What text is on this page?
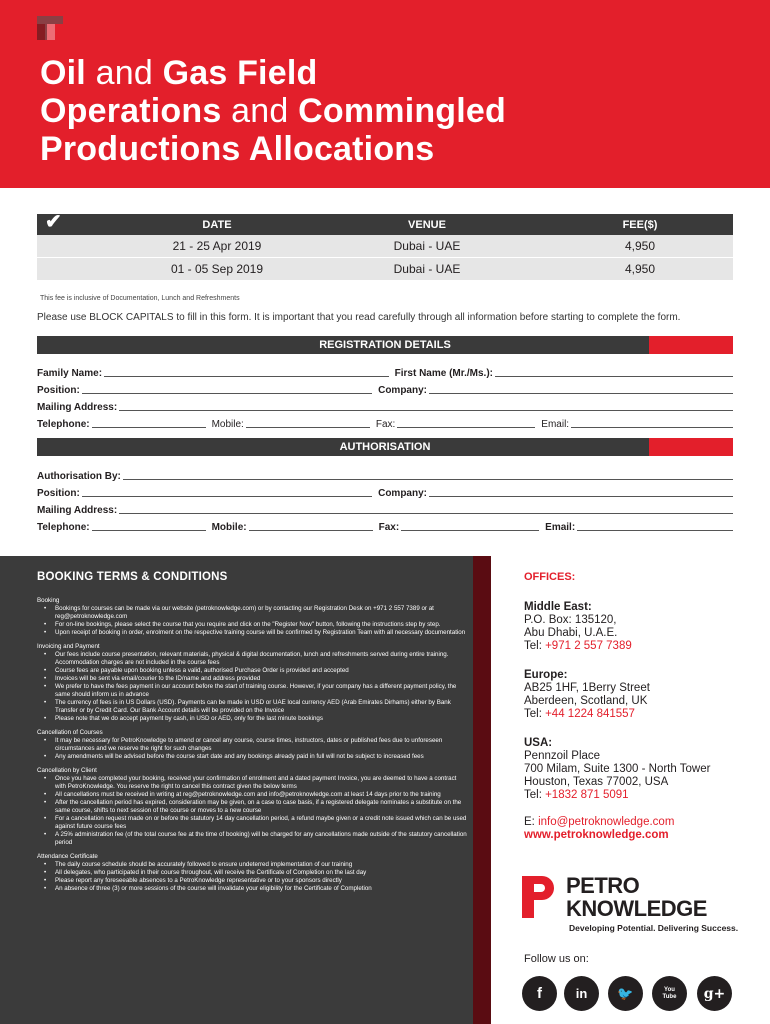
Oil and Gas Field
Operations and Commingled
Productions Allocations
✔	DATE	VENUE	FEE($)
21 - 25 Apr 2019	Dubai - UAE	4,950
01 - 05 Sep 2019	Dubai - UAE	4,950
This fee is inclusive of Documentation, Lunch and Refreshments
Please use BLOCK CAPITALS to fill in this form. It is important that you read carefully through all information before starting to complete the form.
REGISTRATION DETAILS
Family Name:	First Name (Mr./Ms.):
Position:	Company:
Mailing Address:
Telephone:	Mobile:	Fax:	Email:
AUTHORISATION
Authorisation By:
Position:	Company:
Mailing Address:
Telephone:	Mobile:	Fax:	Email:
BOOKING TERMS & CONDITIONS
Booking
• Bookings for courses can be made via our website (petroknowledge.com) or by contacting our Registration Desk on +971 2 557 7389 or at reg@petroknowledge.com
• For on-line bookings, please select the course that you require and click on the "Register Now" button, following the instructions step by step.
• Upon receipt of booking in order, enrolment on the respective training course will be confirmed by Registration Team with all necessary documentation
Invoicing and Payment
• Our fees include course presentation, relevant materials, physical & digital documentation, lunch and refreshments served during entire training. Accommodation charges are not included in the course fees
• Course fees are payable upon booking unless a valid, authorised Purchase Order is provided and accepted
• Invoices will be sent via email/courier to the ID/name and address provided
• We prefer to have the fees payment in our account before the start of training course. However, if your company has a different payment policy, the same should inform us in advance
• The currency of fees is in US Dollars (USD). Payments can be made in USD or UAE local currency AED (Arab Emirates Dirhams) either by Bank Transfer or by Credit Card. Our Bank Account details will be provided on the Invoice
• Please note that we do accept payment by cash, in USD or AED, only for the last minute bookings
Cancellation of Courses
• It may be necessary for PetroKnowledge to amend or cancel any course, course times, instructors, dates or published fees due to unforeseen circumstances and we reserve the right for such changes
• Any amendments will be advised before the course start date and any bookings already paid in full will not be subject to increased fees
Cancellation by Client
• Once you have completed your booking, received your confirmation of enrolment and a dated payment Invoice, you are deemed to have a contract with PetroKnowledge. You reserve the right to cancel this contract given the below terms
• All cancellations must be received in writing at reg@petroknowledge.com and info@petroknowledge.com at least 14 days prior to the training
• After the cancellation period has expired, consideration may be given, on a case to case basis, if a registered delegate nominates a substitute on the same course, shifts to next session of the course or moves to a new course
• For a cancellation request made on or before the statutory 14 day cancellation period, a refund maybe given or a credit note issued which can be used against future course fees
• A 25% administration fee (of the total course fee at the time of booking) will be charged for any cancellations made outside of the statutory cancellation period
Attendance Certificate
• The daily course schedule should be accurately followed to ensure undeterred implementation of our training
• All delegates, who participated in their course throughout, will receive the Certificate of Completion on the last day
• Please report any foreseeable absences to a PetroKnowledge representative or to your sponsors directly
• An absence of three (3) or more sessions of the course will invalidate your eligibility for the Certificate of Completion
OFFICES:
Middle East:
P.O. Box: 135120,
Abu Dhabi, U.A.E.
Tel: +971 2 557 7389
Europe:
AB25 1HF, 1Berry Street
Aberdeen, Scotland, UK
Tel: +44 1224 841557
USA:
Pennzoil Place
700 Milam, Suite 1300 - North Tower
Houston, Texas 77002, USA
Tel: +1832 871 5091
E: info@petroknowledge.com
www.petroknowledge.com
PETRO
KNOWLEDGE
Developing Potential. Delivering Success.
Follow us on:
f	in 🐦	You Tube	g+
